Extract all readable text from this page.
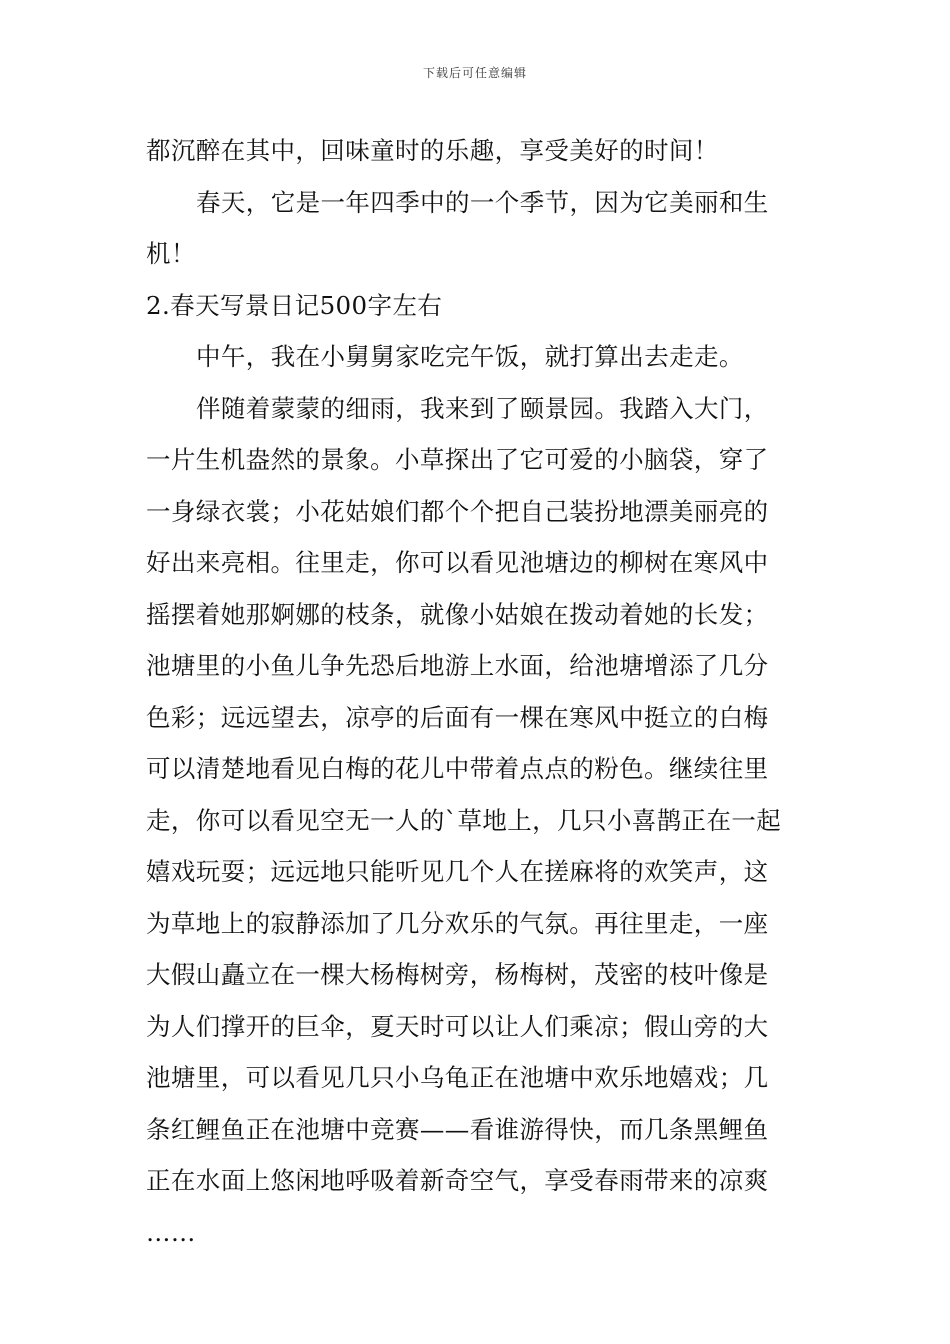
下载后可任意编辑
都沉醉在其中，回味童时的乐趣，享受美好的时间！
春天，它是一年四季中的一个季节，因为它美丽和生
机！
2.春天写景日记500字左右
中午，我在小舅舅家吃完午饭，就打算出去走走。
伴随着蒙蒙的细雨，我来到了颐景园。我踏入大门，
一片生机盎然的景象。小草探出了它可爱的小脑袋，穿了
一身绿衣裳；小花姑娘们都个个把自己装扮地漂美丽亮的
好出来亮相。往里走，你可以看见池塘边的柳树在寒风中
摇摆着她那婀娜的枝条，就像小姑娘在拨动着她的长发；
池塘里的小鱼儿争先恐后地游上水面，给池塘增添了几分
色彩；远远望去，凉亭的后面有一棵在寒风中挺立的白梅
可以清楚地看见白梅的花儿中带着点点的粉色。继续往里
走，你可以看见空无一人的`草地上，几只小喜鹊正在一起
嬉戏玩耍；远远地只能听见几个人在搓麻将的欢笑声，这
为草地上的寂静添加了几分欢乐的气氛。再往里走，一座
大假山矗立在一棵大杨梅树旁，杨梅树，茂密的枝叶像是
为人们撑开的巨伞，夏天时可以让人们乘凉；假山旁的大
池塘里，可以看见几只小乌龟正在池塘中欢乐地嬉戏；几
条红鲤鱼正在池塘中竞赛——看谁游得快，而几条黑鲤鱼
正在水面上悠闲地呼吸着新奇空气，享受春雨带来的凉爽
……
